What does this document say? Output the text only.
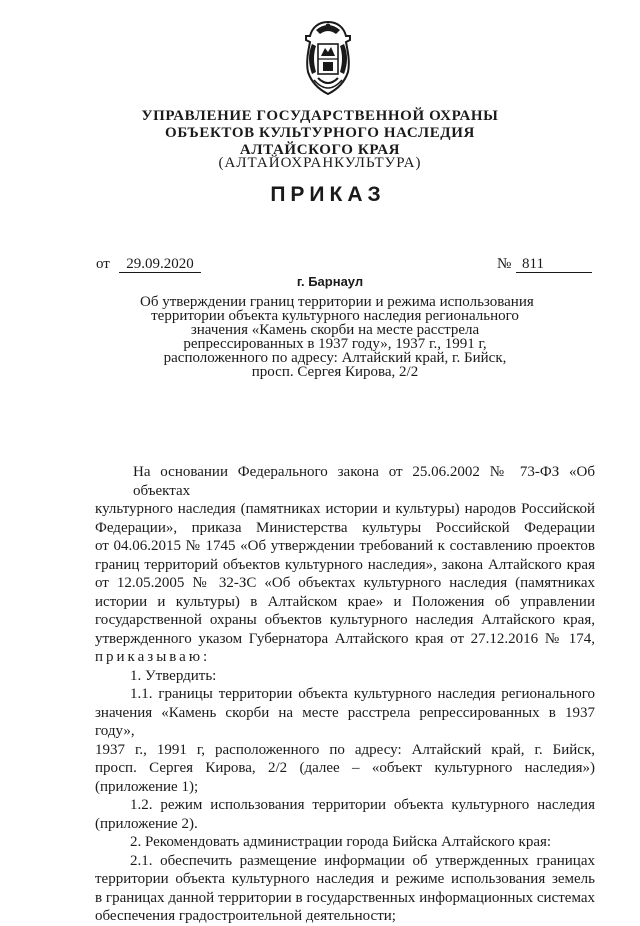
УПРАВЛЕНИЕ ГОСУДАРСТВЕННОЙ ОХРАНЫ
ОБЪЕКТОВ КУЛЬТУРНОГО НАСЛЕДИЯ
АЛТАЙСКОГО КРАЯ
(АЛТАЙОХРАНКУЛЬТУРА)
ПРИКАЗ
от	29.09.2020	№ 811
г. Барнаул
Об утверждении границ территории и режима использования
территории объекта культурного наследия регионального
значения «Камень скорби на месте расстрела
репрессированных в 1937 году», 1937 г., 1991 г,
расположенного по адресу: Алтайский край, г. Бийск,
просп. Сергея Кирова, 2/2
На основании Федерального закона от 25.06.2002 № 73-ФЗ «Об объектах
культурного наследия (памятниках истории и культуры) народов Российской
Федерации», приказа Министерства культуры Российской Федерации
от 04.06.2015 № 1745 «Об утверждении требований к составлению проектов
границ территорий объектов культурного наследия», закона Алтайского края
от 12.05.2005 № 32-ЗС «Об объектах культурного наследия (памятниках
истории и культуры) в Алтайском крае» и Положения об управлении
государственной охраны объектов культурного наследия Алтайского края,
утвержденного указом Губернатора Алтайского края от 27.12.2016 № 174,
приказываю:
1. Утвердить:
1.1. границы территории объекта культурного наследия регионального
значения «Камень скорби на месте расстрела репрессированных в 1937 году»,
1937 г., 1991 г, расположенного по адресу: Алтайский край, г. Бийск,
просп. Сергея Кирова, 2/2 (далее – «объект культурного наследия»)
(приложение 1);
1.2. режим использования территории объекта культурного наследия
(приложение 2).
2. Рекомендовать администрации города Бийска Алтайского края:
2.1. обеспечить размещение информации об утвержденных границах
территории объекта культурного наследия и режиме использования земель
в границах данной территории в государственных информационных системах
обеспечения градостроительной деятельности;
